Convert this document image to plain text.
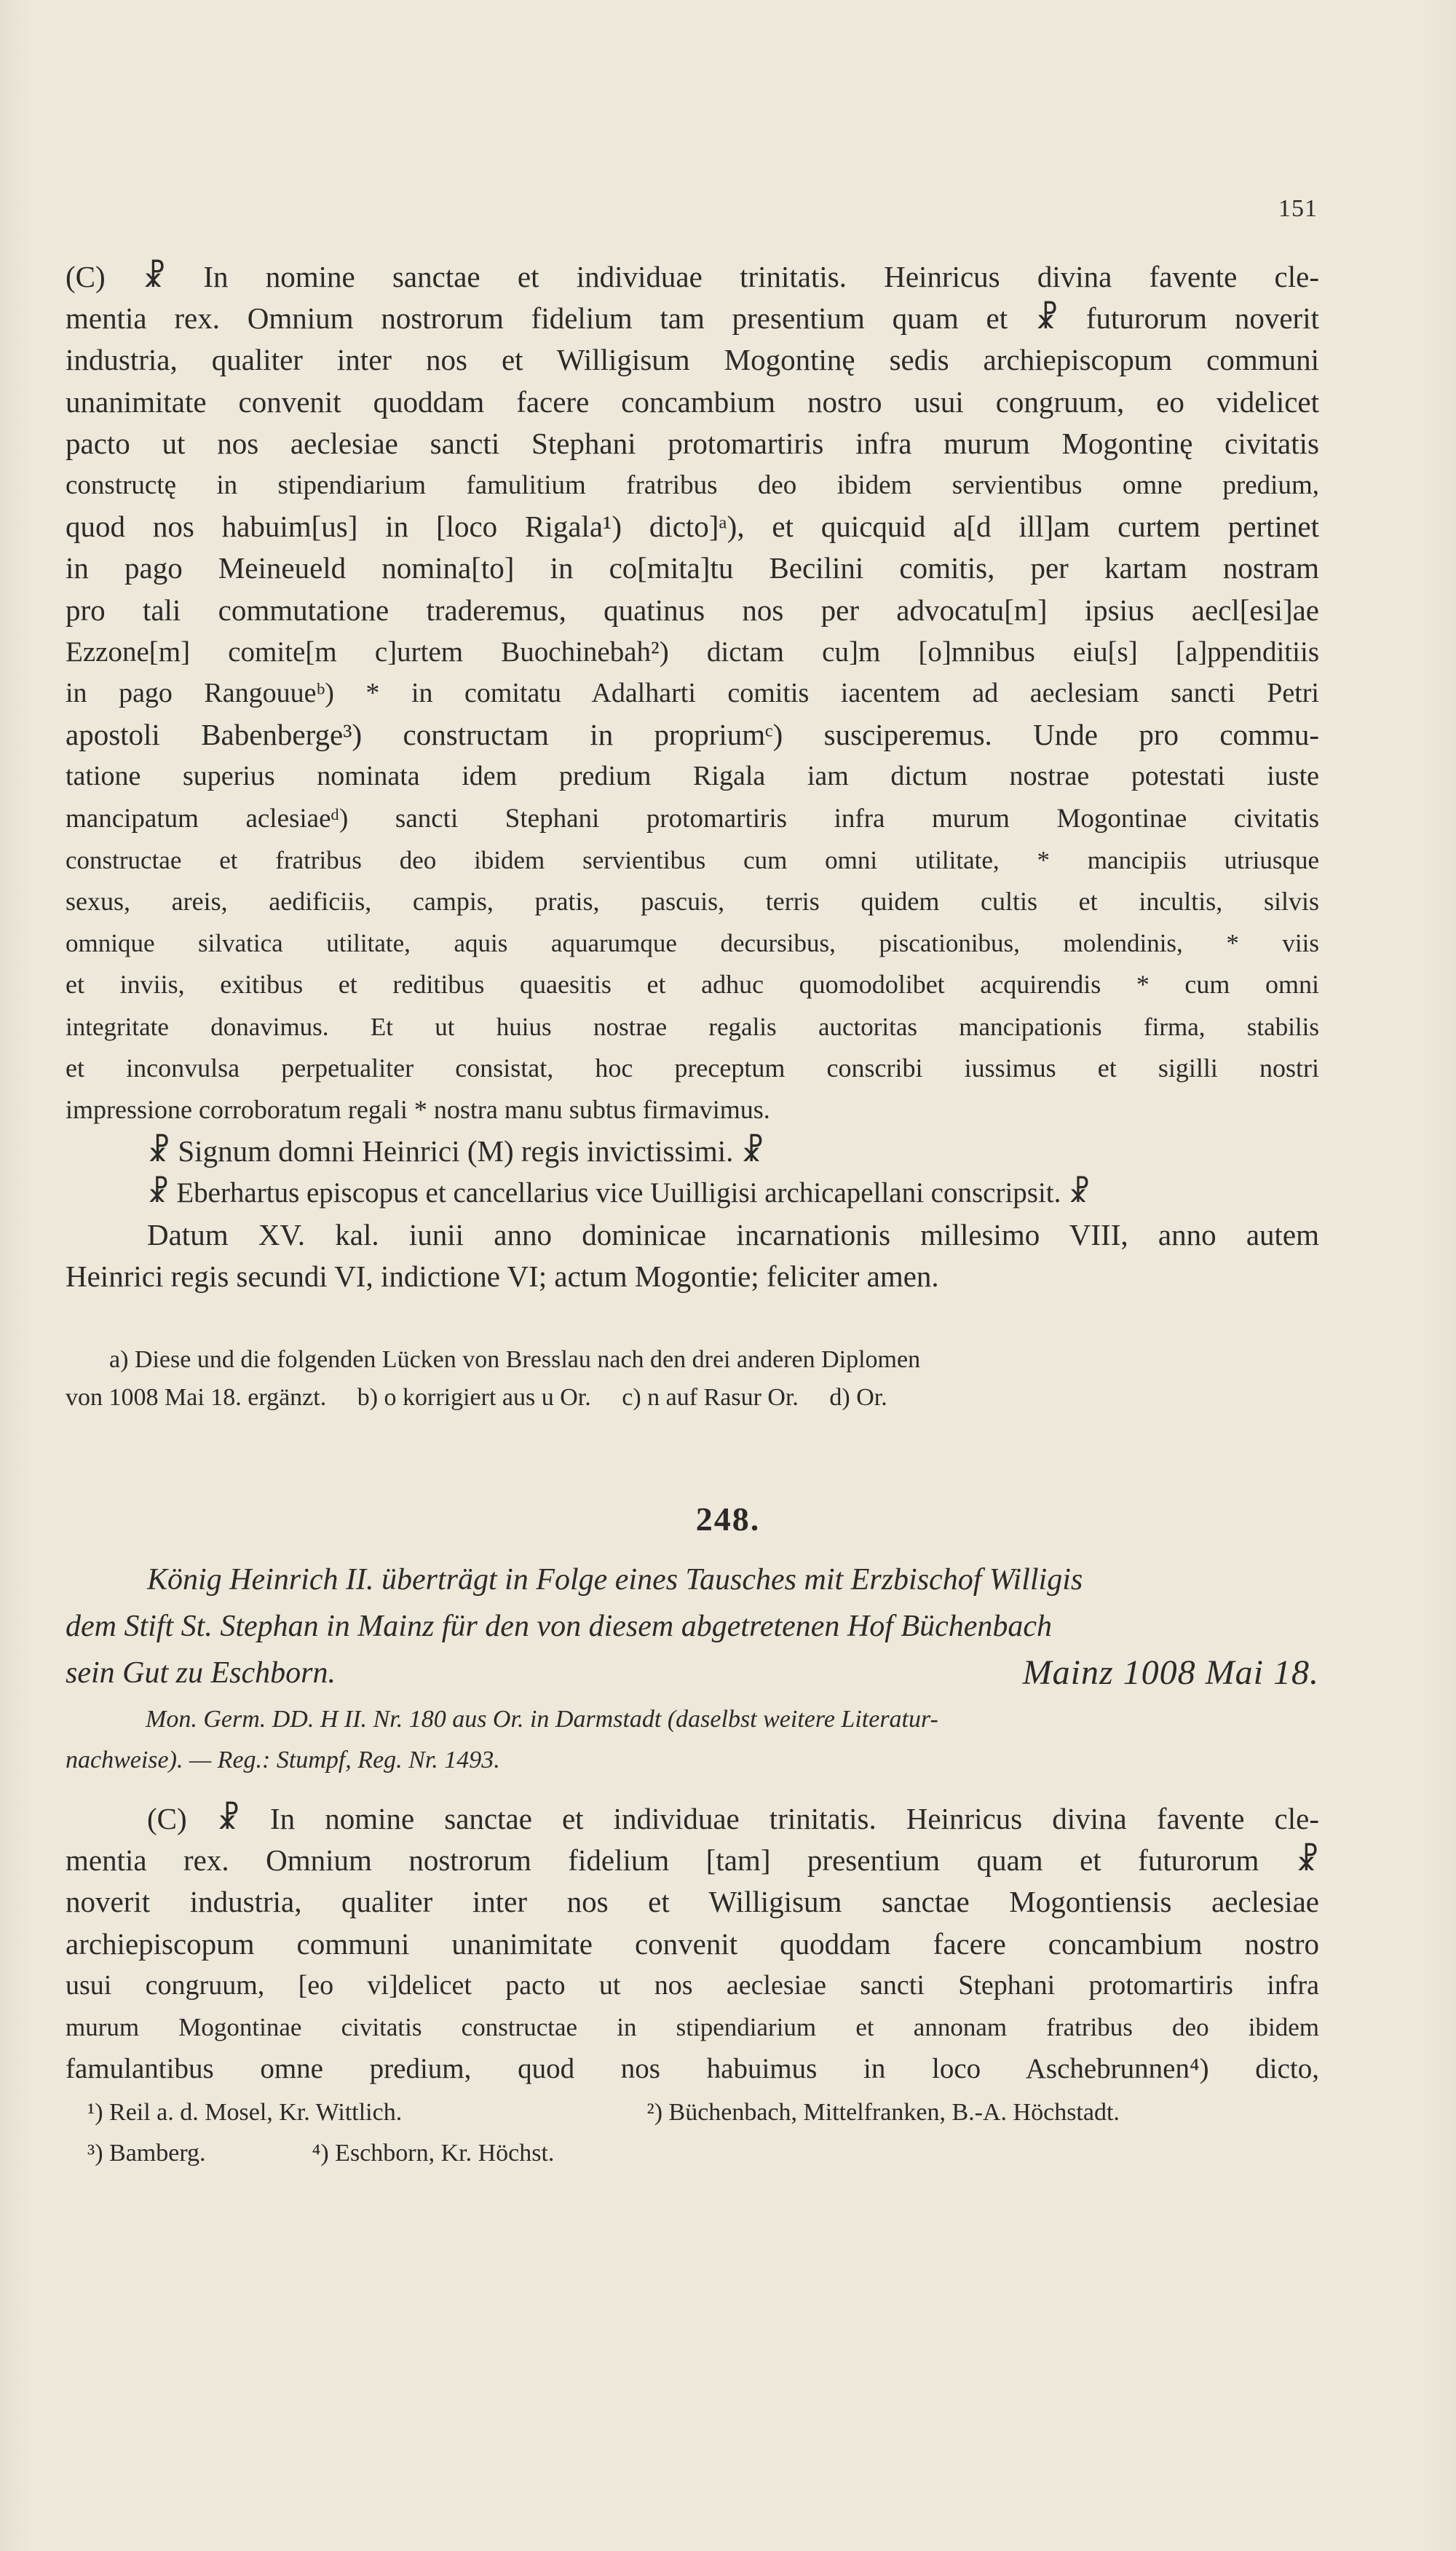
151
(C) ☧ In nomine sanctae et individuae trinitatis. Heinricus divina favente cle-
mentia rex. Omnium nostrorum fidelium tam presentium quam et ☧ futurorum noverit
industria, qualiter inter nos et Willigisum Mogontinę sedis archiepiscopum communi
unanimitate convenit quoddam facere concambium nostro usui congruum, eo videlicet
pacto ut nos aeclesiae sancti Stephani protomartiris infra murum Mogontinę civitatis
constructę in stipendiarium famulitium fratribus deo ibidem servientibus omne predium,
quod nos habuim[us] in [loco Rigala¹) dicto]ᵃ), et quicquid a[d ill]am curtem pertinet
in pago Meineueld nomina[to] in co[mita]tu Becilini comitis, per kartam nostram
pro tali commutatione traderemus, quatinus nos per advocatu[m] ipsius aecl[esi]ae
Ezzone[m] comite[m c]urtem Buochinebah²) dictam cu]m [o]mnibus eiu[s] [a]ppenditiis
in pago Rangouueᵇ) * in comitatu Adalharti comitis iacentem ad aeclesiam sancti Petri
apostoli Babenberge³) constructam in propriumᶜ) susciperemus. Unde pro commu-
tatione superius nominata idem predium Rigala iam dictum nostrae potestati iuste
mancipatum aclesiaeᵈ) sancti Stephani protomartiris infra murum Mogontinae civitatis
constructae et fratribus deo ibidem servientibus cum omni utilitate, * mancipiis utriusque
sexus, areis, aedificiis, campis, pratis, pascuis, terris quidem cultis et incultis, silvis
omnique silvatica utilitate, aquis aquarumque decursibus, piscationibus, molendinis, * viis
et inviis, exitibus et reditibus quaesitis et adhuc quomodolibet acquirendis * cum omni
integritate donavimus. Et ut huius nostrae regalis auctoritas mancipationis firma, stabilis
et inconvulsa perpetualiter consistat, hoc preceptum conscribi iussimus et sigilli nostri
impressione corroboratum regali * nostra manu subtus firmavimus.
☧ Signum domni Heinrici (M) regis invictissimi. ☧
☧ Eberhartus episcopus et cancellarius vice Uuilligisi archicapellani conscripsit. ☧
Datum XV. kal. iunii anno dominicae incarnationis millesimo VIII, anno autem
Heinrici regis secundi VI, indictione VI; actum Mogontie; feliciter amen.
a) Diese und die folgenden Lücken von Bresslau nach den drei anderen Diplomen
von 1008 Mai 18. ergänzt.     b) o korrigiert aus u Or.     c) n auf Rasur Or.     d) Or.
248.
König Heinrich II. überträgt in Folge eines Tausches mit Erzbischof Willigis
dem Stift St. Stephan in Mainz für den von diesem abgetretenen Hof Büchenbach
sein Gut zu Eschborn.	Mainz 1008 Mai 18.
Mon. Germ. DD. H II. Nr. 180 aus Or. in Darmstadt (daselbst weitere Literatur-
nachweise). — Reg.: Stumpf, Reg. Nr. 1493.
(C) ☧ In nomine sanctae et individuae trinitatis. Heinricus divina favente cle-
mentia rex. Omnium nostrorum fidelium [tam] presentium quam et futurorum ☧
noverit industria, qualiter inter nos et Willigisum sanctae Mogontiensis aeclesiae
archiepiscopum communi unanimitate convenit quoddam facere concambium nostro
usui congruum, [eo vi]delicet pacto ut nos aeclesiae sancti Stephani protomartiris infra
murum Mogontinae civitatis constructae in stipendiarium et annonam fratribus deo ibidem
famulantibus omne predium, quod nos habuimus in loco Aschebrunnen⁴) dicto,
¹) Reil a. d. Mosel, Kr. Wittlich.	²) Büchenbach, Mittelfranken, B.-A. Höchstadt.
³) Bamberg.	⁴) Eschborn, Kr. Höchst.
